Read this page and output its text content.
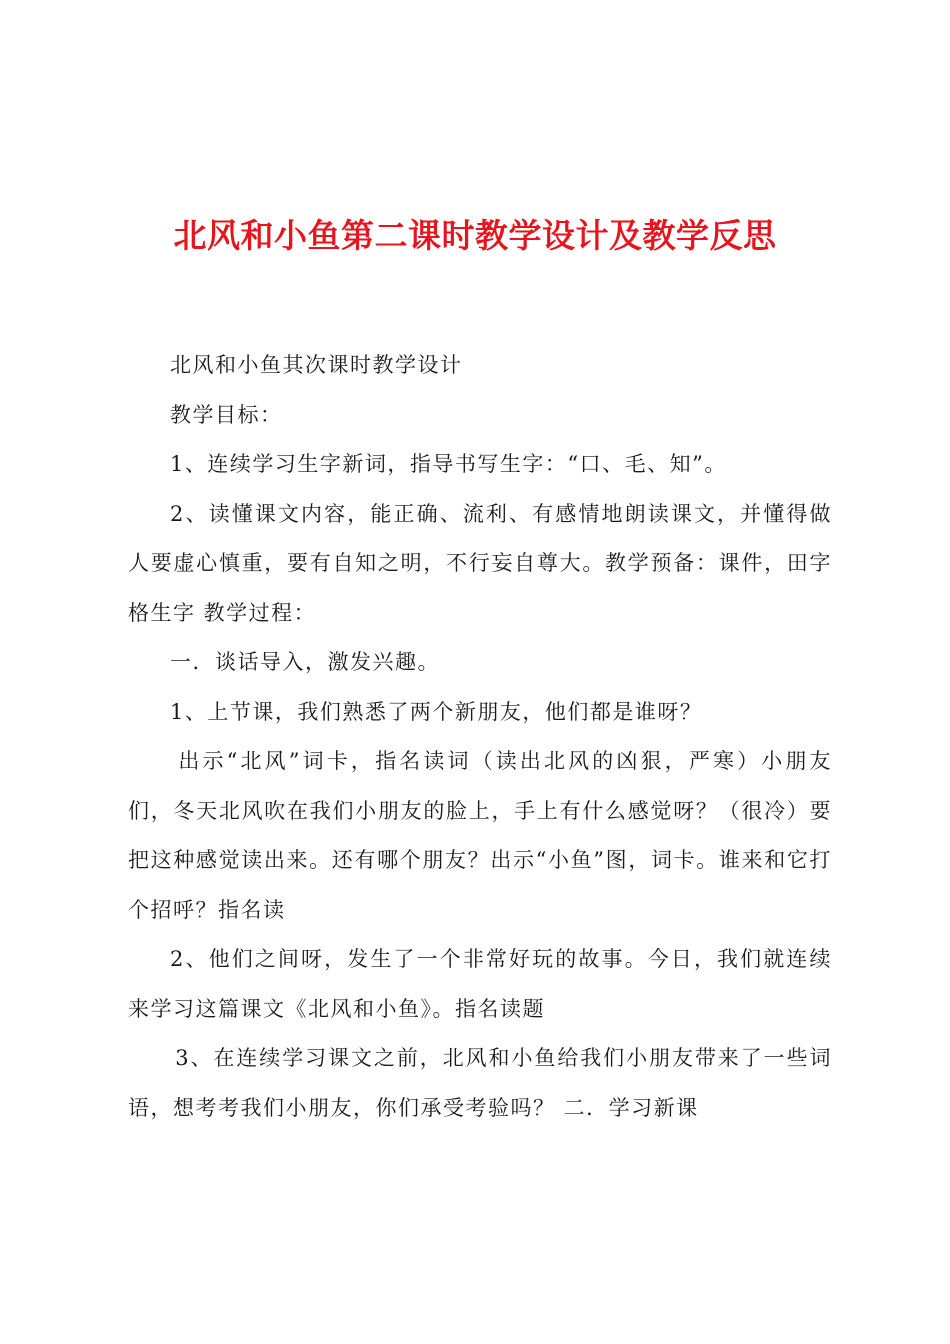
北风和小鱼第二课时教学设计及教学反思

北风和小鱼其次课时教学设计

教学目标：

1、连续学习生字新词，指导书写生字：“口、毛、知”。

2、读懂课文内容，能正确、流利、有感情地朗读课文，并懂得做人要虚心慎重，要有自知之明，不行妄自尊大。教学预备：课件，田字格生字 教学过程：

一．谈话导入，激发兴趣。

1、上节课，我们熟悉了两个新朋友，他们都是谁呀？

出示“北风”词卡，指名读词（读出北风的凶狠，严寒）小朋友们，冬天北风吹在我们小朋友的脸上，手上有什么感觉呀？（很冷）要把这种感觉读出来。还有哪个朋友？出示“小鱼”图，词卡。谁来和它打个招呼？指名读

2、他们之间呀，发生了一个非常好玩的故事。今日，我们就连续来学习这篇课文《北风和小鱼》。指名读题

3、在连续学习课文之前，北风和小鱼给我们小朋友带来了一些词语，想考考我们小朋友，你们承受考验吗？ 二．学习新课
